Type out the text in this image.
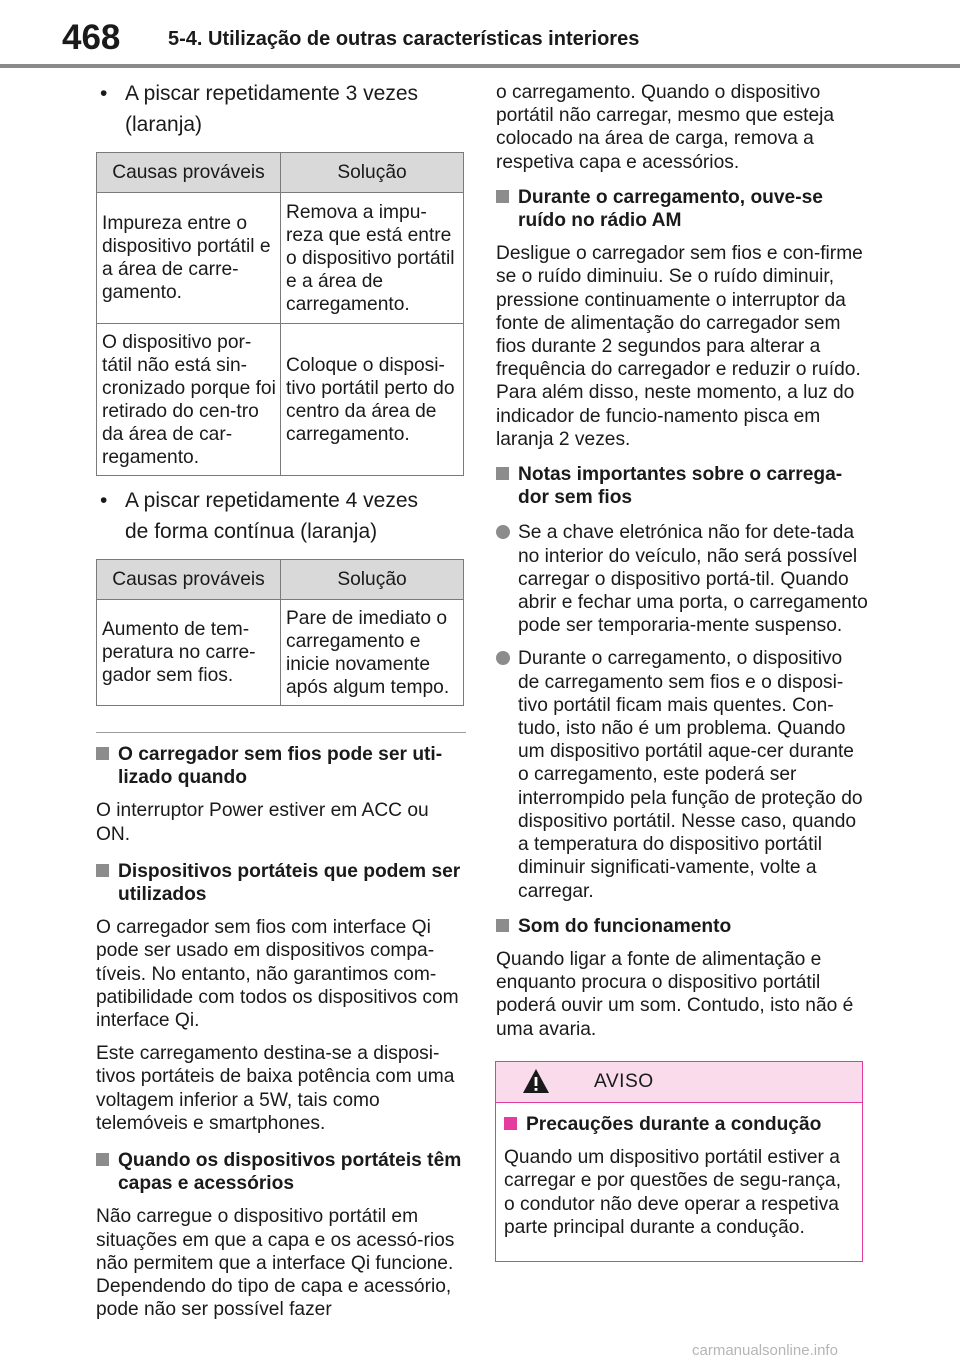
468 5-4. Utilização de outras características interiores
• A piscar repetidamente 3 vezes
(laranja)
Causas prováveis	Solução
Impureza entre o dispositivo portátil e a área de carre-gamento.	Remova a impu-reza que está entre o dispositivo portátil e a área de carregamento.
O dispositivo por-tátil não está sin-cronizado porque foi retirado do cen-tro da área de car-regamento.	Coloque o disposi-tivo portátil perto do centro da área de carregamento.
• A piscar repetidamente 4 vezes
de forma contínua (laranja)
Causas prováveis	Solução
Aumento de tem-peratura no carre-gador sem fios.	Pare de imediato o carregamento e inicie novamente após algum tempo.
O carregador sem fios pode ser uti-lizado quando

O interruptor Power estiver em ACC ou ON.

Dispositivos portáteis que podem ser utilizados

O carregador sem fios com interface Qi pode ser usado em dispositivos compa-tíveis. No entanto, não garantimos com-patibilidade com todos os dispositivos com interface Qi.

Este carregamento destina-se a disposi-tivos portáteis de baixa potência com uma voltagem inferior a 5W, tais como telemóveis e smartphones.

Quando os dispositivos portáteis têm capas e acessórios

Não carregue o dispositivo portátil em situações em que a capa e os acessó-rios não permitem que a interface Qi funcione. Dependendo do tipo de capa e acessório, pode não ser possível fazer

o carregamento. Quando o dispositivo portátil não carregar, mesmo que esteja colocado na área de carga, remova a respetiva capa e acessórios.

Durante o carregamento, ouve-se ruído no rádio AM

Desligue o carregador sem fios e con-firme se o ruído diminuiu. Se o ruído diminuir, pressione continuamente o interruptor da fonte de alimentação do carregador sem fios durante 2 segundos para alterar a frequência do carregador e reduzir o ruído. Para além disso, neste momento, a luz do indicador de funcio-namento pisca em laranja 2 vezes.

Notas importantes sobre o carrega-dor sem fios
Se a chave eletrónica não for dete-tada no interior do veículo, não será possível carregar o dispositivo portá-til. Quando abrir e fechar uma porta, o carregamento pode ser temporaria-mente suspenso.
Durante o carregamento, o dispositivo de carregamento sem fios e o disposi-tivo portátil ficam mais quentes. Con-tudo, isto não é um problema. Quando um dispositivo portátil aque-cer durante o carregamento, este poderá ser interrompido pela função de proteção do dispositivo portátil. Nesse caso, quando a temperatura do dispositivo portátil diminuir significati-vamente, volte a carregar.
Som do funcionamento

Quando ligar a fonte de alimentação e enquanto procura o dispositivo portátil poderá ouvir um som. Contudo, isto não é uma avaria.

AVISO
Precauções durante a condução

Quando um dispositivo portátil estiver a carregar e por questões de segu-rança, o condutor não deve operar a respetiva parte principal durante a condução.

carmanualsonline.info
